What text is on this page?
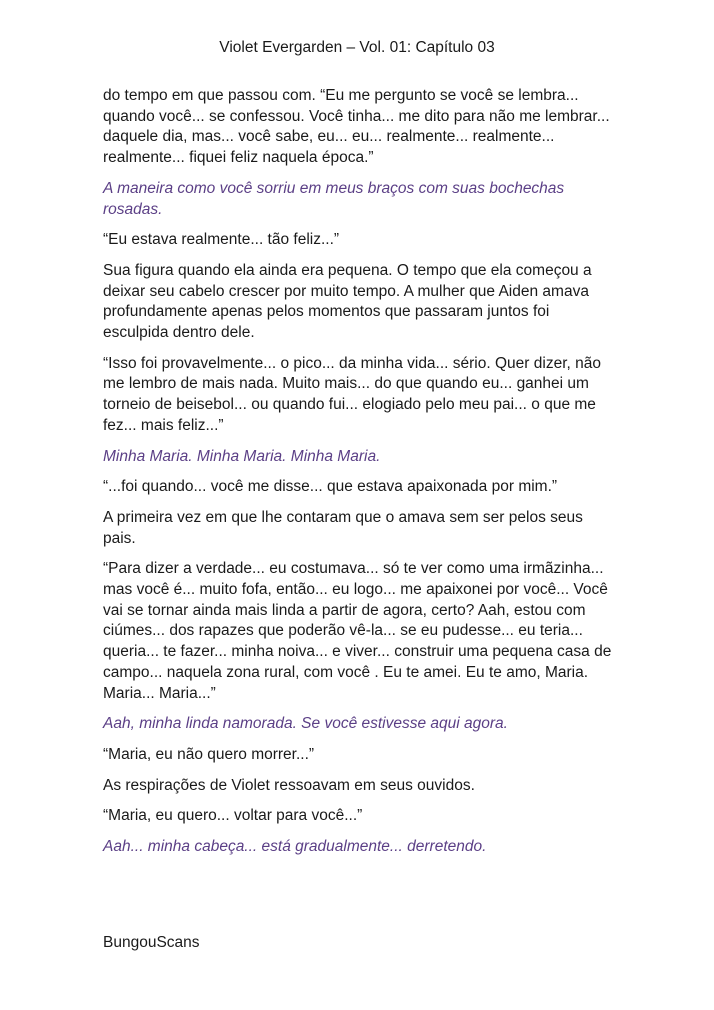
Violet Evergarden – Vol. 01: Capítulo 03

do tempo em que passou com. “Eu me pergunto se você se lembra... quando você... se confessou. Você tinha... me dito para não me lembrar... daquele dia, mas... você sabe, eu... eu... realmente... realmente... realmente... fiquei feliz naquela época.”

A maneira como você sorriu em meus braços com suas bochechas rosadas.

“Eu estava realmente... tão feliz...”

Sua figura quando ela ainda era pequena. O tempo que ela começou a deixar seu cabelo crescer por muito tempo. A mulher que Aiden amava profundamente apenas pelos momentos que passaram juntos foi esculpida dentro dele.

“Isso foi provavelmente... o pico... da minha vida... sério. Quer dizer, não me lembro de mais nada. Muito mais... do que quando eu... ganhei um torneio de beisebol... ou quando fui... elogiado pelo meu pai... o que me fez... mais feliz...”

Minha Maria. Minha Maria. Minha Maria.

“...foi quando... você me disse... que estava apaixonada por mim.”

A primeira vez em que lhe contaram que o amava sem ser pelos seus pais.

“Para dizer a verdade... eu costumava... só te ver como uma irmãzinha... mas você é... muito fofa, então... eu logo... me apaixonei por você... Você vai se tornar ainda mais linda a partir de agora, certo? Aah, estou com ciúmes... dos rapazes que poderão vê-la... se eu pudesse... eu teria... queria... te fazer... minha noiva... e viver... construir uma pequena casa de campo... naquela zona rural, com você . Eu te amei. Eu te amo, Maria. Maria... Maria...”

Aah, minha linda namorada. Se você estivesse aqui agora.

“Maria, eu não quero morrer...”

As respirações de Violet ressoavam em seus ouvidos.

“Maria, eu quero... voltar para você...”

Aah... minha cabeça... está gradualmente... derretendo.

BungouScans
